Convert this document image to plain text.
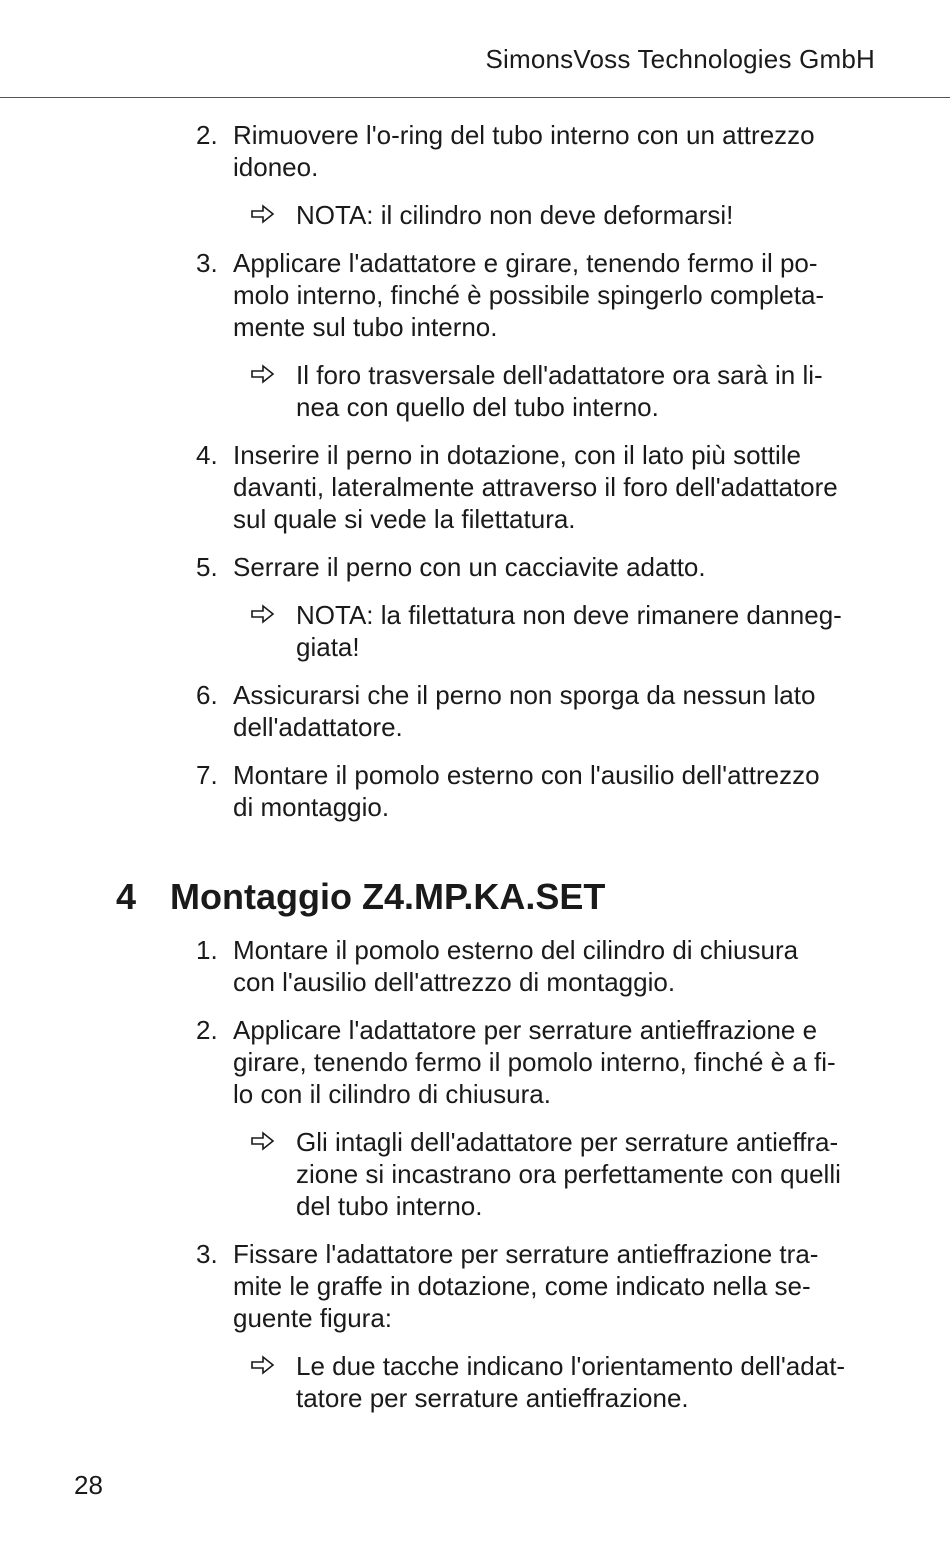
SimonsVoss Technologies GmbH

2. Rimuovere l'o-ring del tubo interno con un attrezzo
idoneo.
NOTA: il cilindro non deve deformarsi!
3. Applicare l'adattatore e girare, tenendo fermo il po-
molo interno, finché è possibile spingerlo completa-
mente sul tubo interno.
Il foro trasversale dell'adattatore ora sarà in li-
nea con quello del tubo interno.
4. Inserire il perno in dotazione, con il lato più sottile
davanti, lateralmente attraverso il foro dell'adattatore
sul quale si vede la filettatura.
5. Serrare il perno con un cacciavite adatto.
NOTA: la filettatura non deve rimanere danneg-
giata!
6. Assicurarsi che il perno non sporga da nessun lato
dell'adattatore.
7. Montare il pomolo esterno con l'ausilio dell'attrezzo
di montaggio.
4 Montaggio Z4.MP.KA.SET
1. Montare il pomolo esterno del cilindro di chiusura
con l'ausilio dell'attrezzo di montaggio.
2. Applicare l'adattatore per serrature antieffrazione e
girare, tenendo fermo il pomolo interno, finché è a fi-
lo con il cilindro di chiusura.
Gli intagli dell'adattatore per serrature antieffra-
zione si incastrano ora perfettamente con quelli
del tubo interno.
3. Fissare l'adattatore per serrature antieffrazione tra-
mite le graffe in dotazione, come indicato nella se-
guente figura:
Le due tacche indicano l'orientamento dell'adat-
tatore per serrature antieffrazione.

28
